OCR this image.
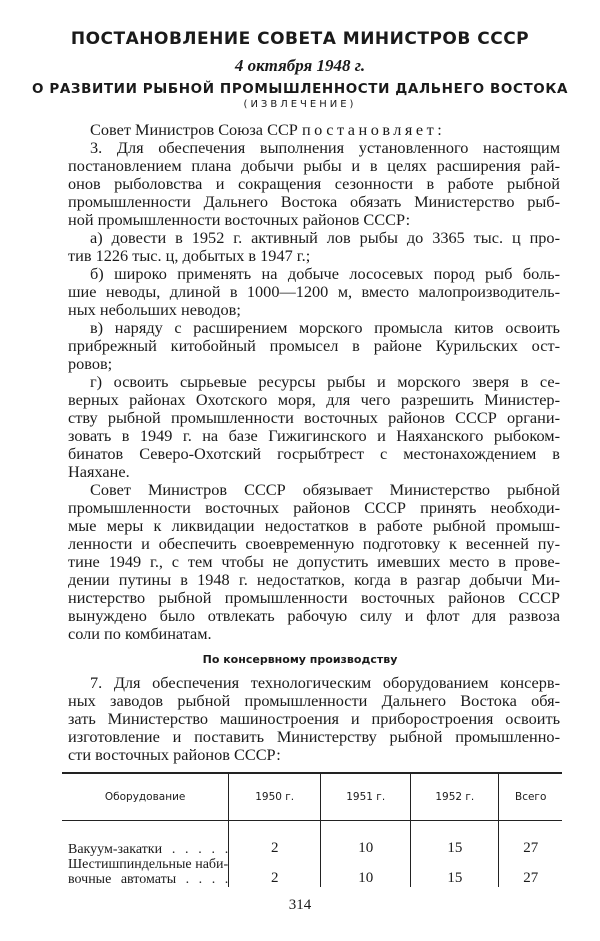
ПОСТАНОВЛЕНИЕ СОВЕТА МИНИСТРОВ СССР
4 октября 1948 г.
О РАЗВИТИИ РЫБНОЙ ПРОМЫШЛЕННОСТИ ДАЛЬНЕГО ВОСТОКА
(ИЗВЛЕЧЕНИЕ)
Совет Министров Союза ССР постановляет:
3. Для обеспечения выполнения установленного настоящим
постановлением плана добычи рыбы и в целях расширения рай-
онов рыболовства и сокращения сезонности в работе рыбной
промышленности Дальнего Востока обязать Министерство рыб-
ной промышленности восточных районов СССР:
а) довести в 1952 г. активный лов рыбы до 3365 тыс. ц про-
тив 1226 тыс. ц, добытых в 1947 г.;
б) широко применять на добыче лососевых пород рыб боль-
шие неводы, длиной в 1000—1200 м, вместо малопроизводитель-
ных небольших неводов;
в) наряду с расширением морского промысла китов освоить
прибрежный китобойный промысел в районе Курильских ост-
ровов;
г) освоить сырьевые ресурсы рыбы и морского зверя в се-
верных районах Охотского моря, для чего разрешить Министер-
ству рыбной промышленности восточных районов СССР органи-
зовать в 1949 г. на базе Гижигинского и Наяханского рыбоком-
бинатов Северо-Охотский госрыбтрест с местонахождением в
Наяхане.
Совет Министров СССР обязывает Министерство рыбной
промышленности восточных районов СССР принять необходи-
мые меры к ликвидации недостатков в работе рыбной промыш-
ленности и обеспечить своевременную подготовку к весенней пу-
тине 1949 г., с тем чтобы не допустить имевших место в прове-
дении путины в 1948 г. недостатков, когда в разгар добычи Ми-
нистерство рыбной промышленности восточных районов СССР
вынуждено было отвлекать рабочую силу и флот для развоза
соли по комбинатам.
По консервному производству
7. Для обеспечения технологическим оборудованием консерв-
ных заводов рыбной промышленности Дальнего Востока обя-
зать Министерство машиностроения и приборостроения освоить
изготовление и поставить Министерству рыбной промышленно-
сти восточных районов СССР:
Оборудование	1950 г.	1951 г.	1952 г.	Всего

Вакуум-закатки . . . . .	2	10	15	27

Шестишпиндельные наби-
вочные автоматы . . . .	2	10	15	27
314
